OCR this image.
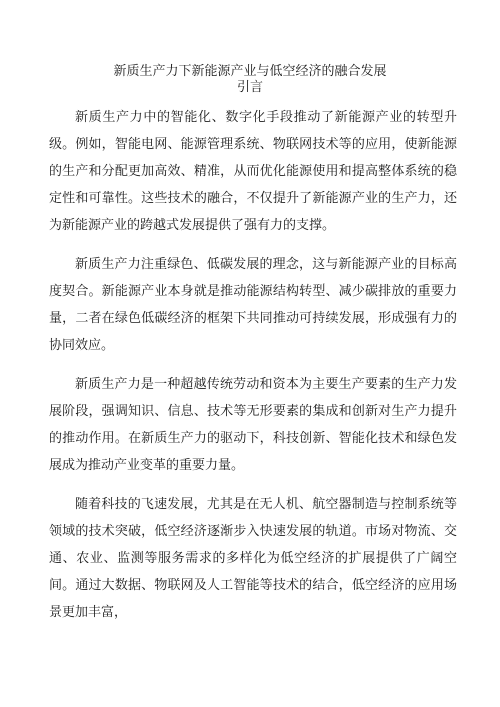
新质生产力下新能源产业与低空经济的融合发展
引言

新质生产力中的智能化、数字化手段推动了新能源产业的转型升级。例如，智能电网、能源管理系统、物联网技术等的应用，使新能源的生产和分配更加高效、精准，从而优化能源使用和提高整体系统的稳定性和可靠性。这些技术的融合，不仅提升了新能源产业的生产力，还为新能源产业的跨越式发展提供了强有力的支撑。

新质生产力注重绿色、低碳发展的理念，这与新能源产业的目标高度契合。新能源产业本身就是推动能源结构转型、减少碳排放的重要力量，二者在绿色低碳经济的框架下共同推动可持续发展，形成强有力的协同效应。

新质生产力是一种超越传统劳动和资本为主要生产要素的生产力发展阶段，强调知识、信息、技术等无形要素的集成和创新对生产力提升的推动作用。在新质生产力的驱动下，科技创新、智能化技术和绿色发展成为推动产业变革的重要力量。

随着科技的飞速发展，尤其是在无人机、航空器制造与控制系统等领域的技术突破，低空经济逐渐步入快速发展的轨道。市场对物流、交通、农业、监测等服务需求的多样化为低空经济的扩展提供了广阔空间。通过大数据、物联网及人工智能等技术的结合，低空经济的应用场景更加丰富，
